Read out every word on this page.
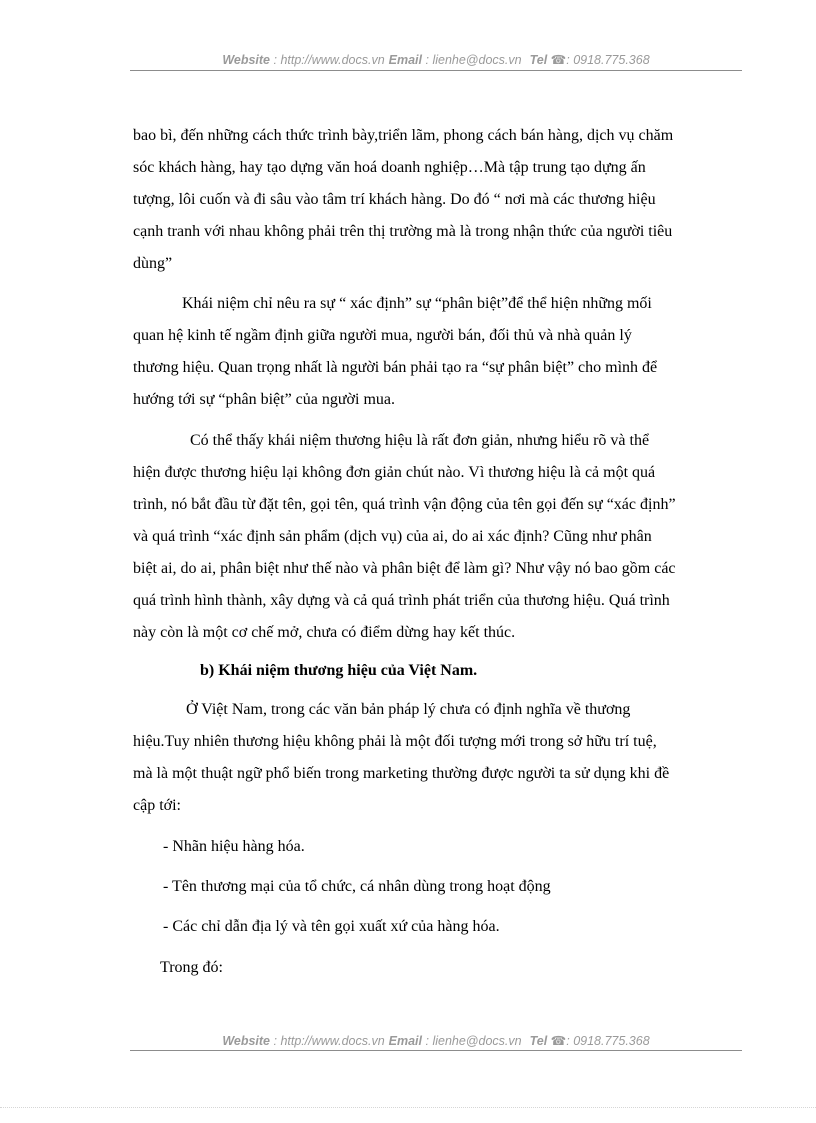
Website : http://www.docs.vn Email : lienhe@docs.vn Tel ☎: 0918.775.368
bao bì, đến những cách thức trình bày,triển lãm, phong cách bán hàng, dịch vụ chăm
sóc khách hàng, hay tạo dựng văn hoá doanh nghiệp…Mà tập trung tạo dựng ấn
tượng, lôi cuốn và đi sâu vào tâm trí khách hàng. Do đó “ nơi mà các thương hiệu
cạnh tranh với nhau không phải trên thị trường mà là trong nhận thức của người tiêu
dùng”
Khái niệm chỉ nêu ra sự “ xác định” sự “phân biệt”để thể hiện những mối
quan hệ kinh tế ngầm định giữa người mua, người bán, đối thủ và nhà quản lý
thương hiệu. Quan trọng nhất là người bán phải tạo ra “sự phân biệt” cho mình để
hướng tới sự “phân biệt” của người mua.
Có thể thấy khái niệm thương hiệu là rất đơn giản, nhưng hiểu rõ và thể
hiện được thương hiệu lại không đơn giản chút nào. Vì thương hiệu là cả một quá
trình, nó bắt đầu từ đặt tên, gọi tên, quá trình vận động của tên gọi đến sự “xác định”
và quá trình “xác định sản phẩm (dịch vụ) của ai, do ai xác định? Cũng như phân
biệt ai, do ai, phân biệt như thế nào và phân biệt để làm gì? Như vậy nó bao gồm các
quá trình hình thành, xây dựng và cả quá trình phát triển của thương hiệu. Quá trình
này còn là một cơ chế mở, chưa có điểm dừng hay kết thúc.
b) Khái niệm thương hiệu của Việt Nam.
Ở Việt Nam, trong các văn bản pháp lý chưa có định nghĩa về thương
hiệu.Tuy nhiên thương hiệu không phải là một đối tượng mới trong sở hữu trí tuệ,
mà là một thuật ngữ phổ biến trong marketing thường được người ta sử dụng khi đề
cập tới:
- Nhãn hiệu hàng hóa.
- Tên thương mại của tổ chức, cá nhân dùng trong hoạt động
- Các chỉ dẫn địa lý và tên gọi xuất xứ của hàng hóa.
Trong đó:
Website : http://www.docs.vn Email : lienhe@docs.vn Tel ☎: 0918.775.368
